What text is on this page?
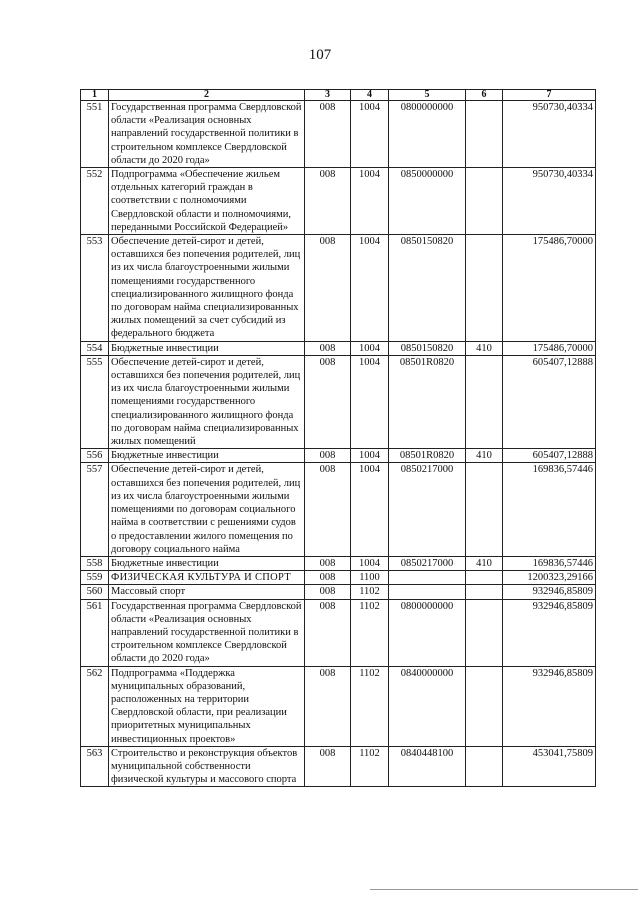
107
1	2	3	4	5	6	7
551	Государственная программа Свердловской области «Реализация основных направлений государственной политики в строительном комплексе Свердловской области до 2020 года»	008	1004	0800000000		950730,40334
552	Подпрограмма «Обеспечение жильем отдельных категорий граждан в соответствии с полномочиями Свердловской области и полномочиями, переданными Российской Федерацией»	008	1004	0850000000		950730,40334
553	Обеспечение детей-сирот и детей, оставшихся без попечения родителей, лиц из их числа благоустроенными жилыми помещениями государственного специализированного жилищного фонда по договорам найма специализированных жилых помещений за счет субсидий из федерального бюджета	008	1004	0850150820		175486,70000
554	Бюджетные инвестиции	008	1004	0850150820	410	175486,70000
555	Обеспечение детей-сирот и детей, оставшихся без попечения родителей, лиц из их числа благоустроенными жилыми помещениями государственного специализированного жилищного фонда по договорам найма специализированных жилых помещений	008	1004	08501R0820		605407,12888
556	Бюджетные инвестиции	008	1004	08501R0820	410	605407,12888
557	Обеспечение детей-сирот и детей, оставшихся без попечения родителей, лиц из их числа благоустроенными жилыми помещениями по договорам социального найма в соответствии с решениями судов о предоставлении жилого помещения по договору социального найма	008	1004	0850217000		169836,57446
558	Бюджетные инвестиции	008	1004	0850217000	410	169836,57446
559	ФИЗИЧЕСКАЯ КУЛЬТУРА И СПОРТ	008	1100			1200323,29166
560	Массовый спорт	008	1102			932946,85809
561	Государственная программа Свердловской области «Реализация основных направлений государственной политики в строительном комплексе Свердловской области до 2020 года»	008	1102	0800000000		932946,85809
562	Подпрограмма «Поддержка муниципальных образований, расположенных на территории Свердловской области, при реализации приоритетных муниципальных инвестиционных проектов»	008	1102	0840000000		932946,85809
563	Строительство и реконструкция объектов муниципальной собственности физической культуры и массового спорта	008	1102	0840448100		453041,75809
